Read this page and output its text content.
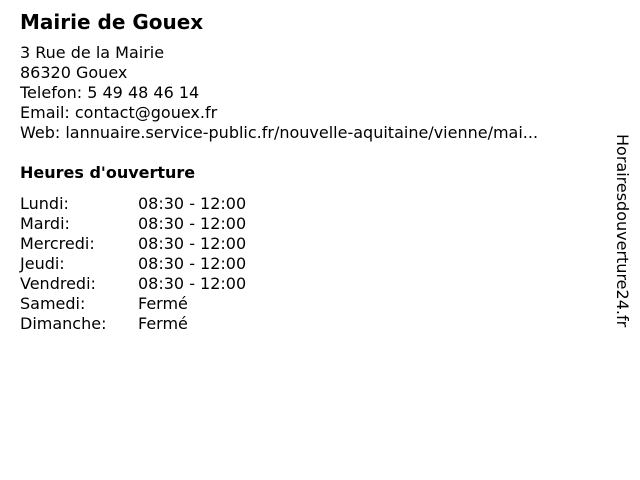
Mairie de Gouex
3 Rue de la Mairie
86320 Gouex
Telefon: 5 49 48 46 14
Email: contact@gouex.fr
Web: lannuaire.service-public.fr/nouvelle-aquitaine/vienne/mai...
Heures d'ouverture
Lundi:	08:30 - 12:00
Mardi:	08:30 - 12:00
Mercredi:	08:30 - 12:00
Jeudi:	08:30 - 12:00
Vendredi:	08:30 - 12:00
Samedi:	Fermé
Dimanche: Fermé	Horairesdouverture24.fr
